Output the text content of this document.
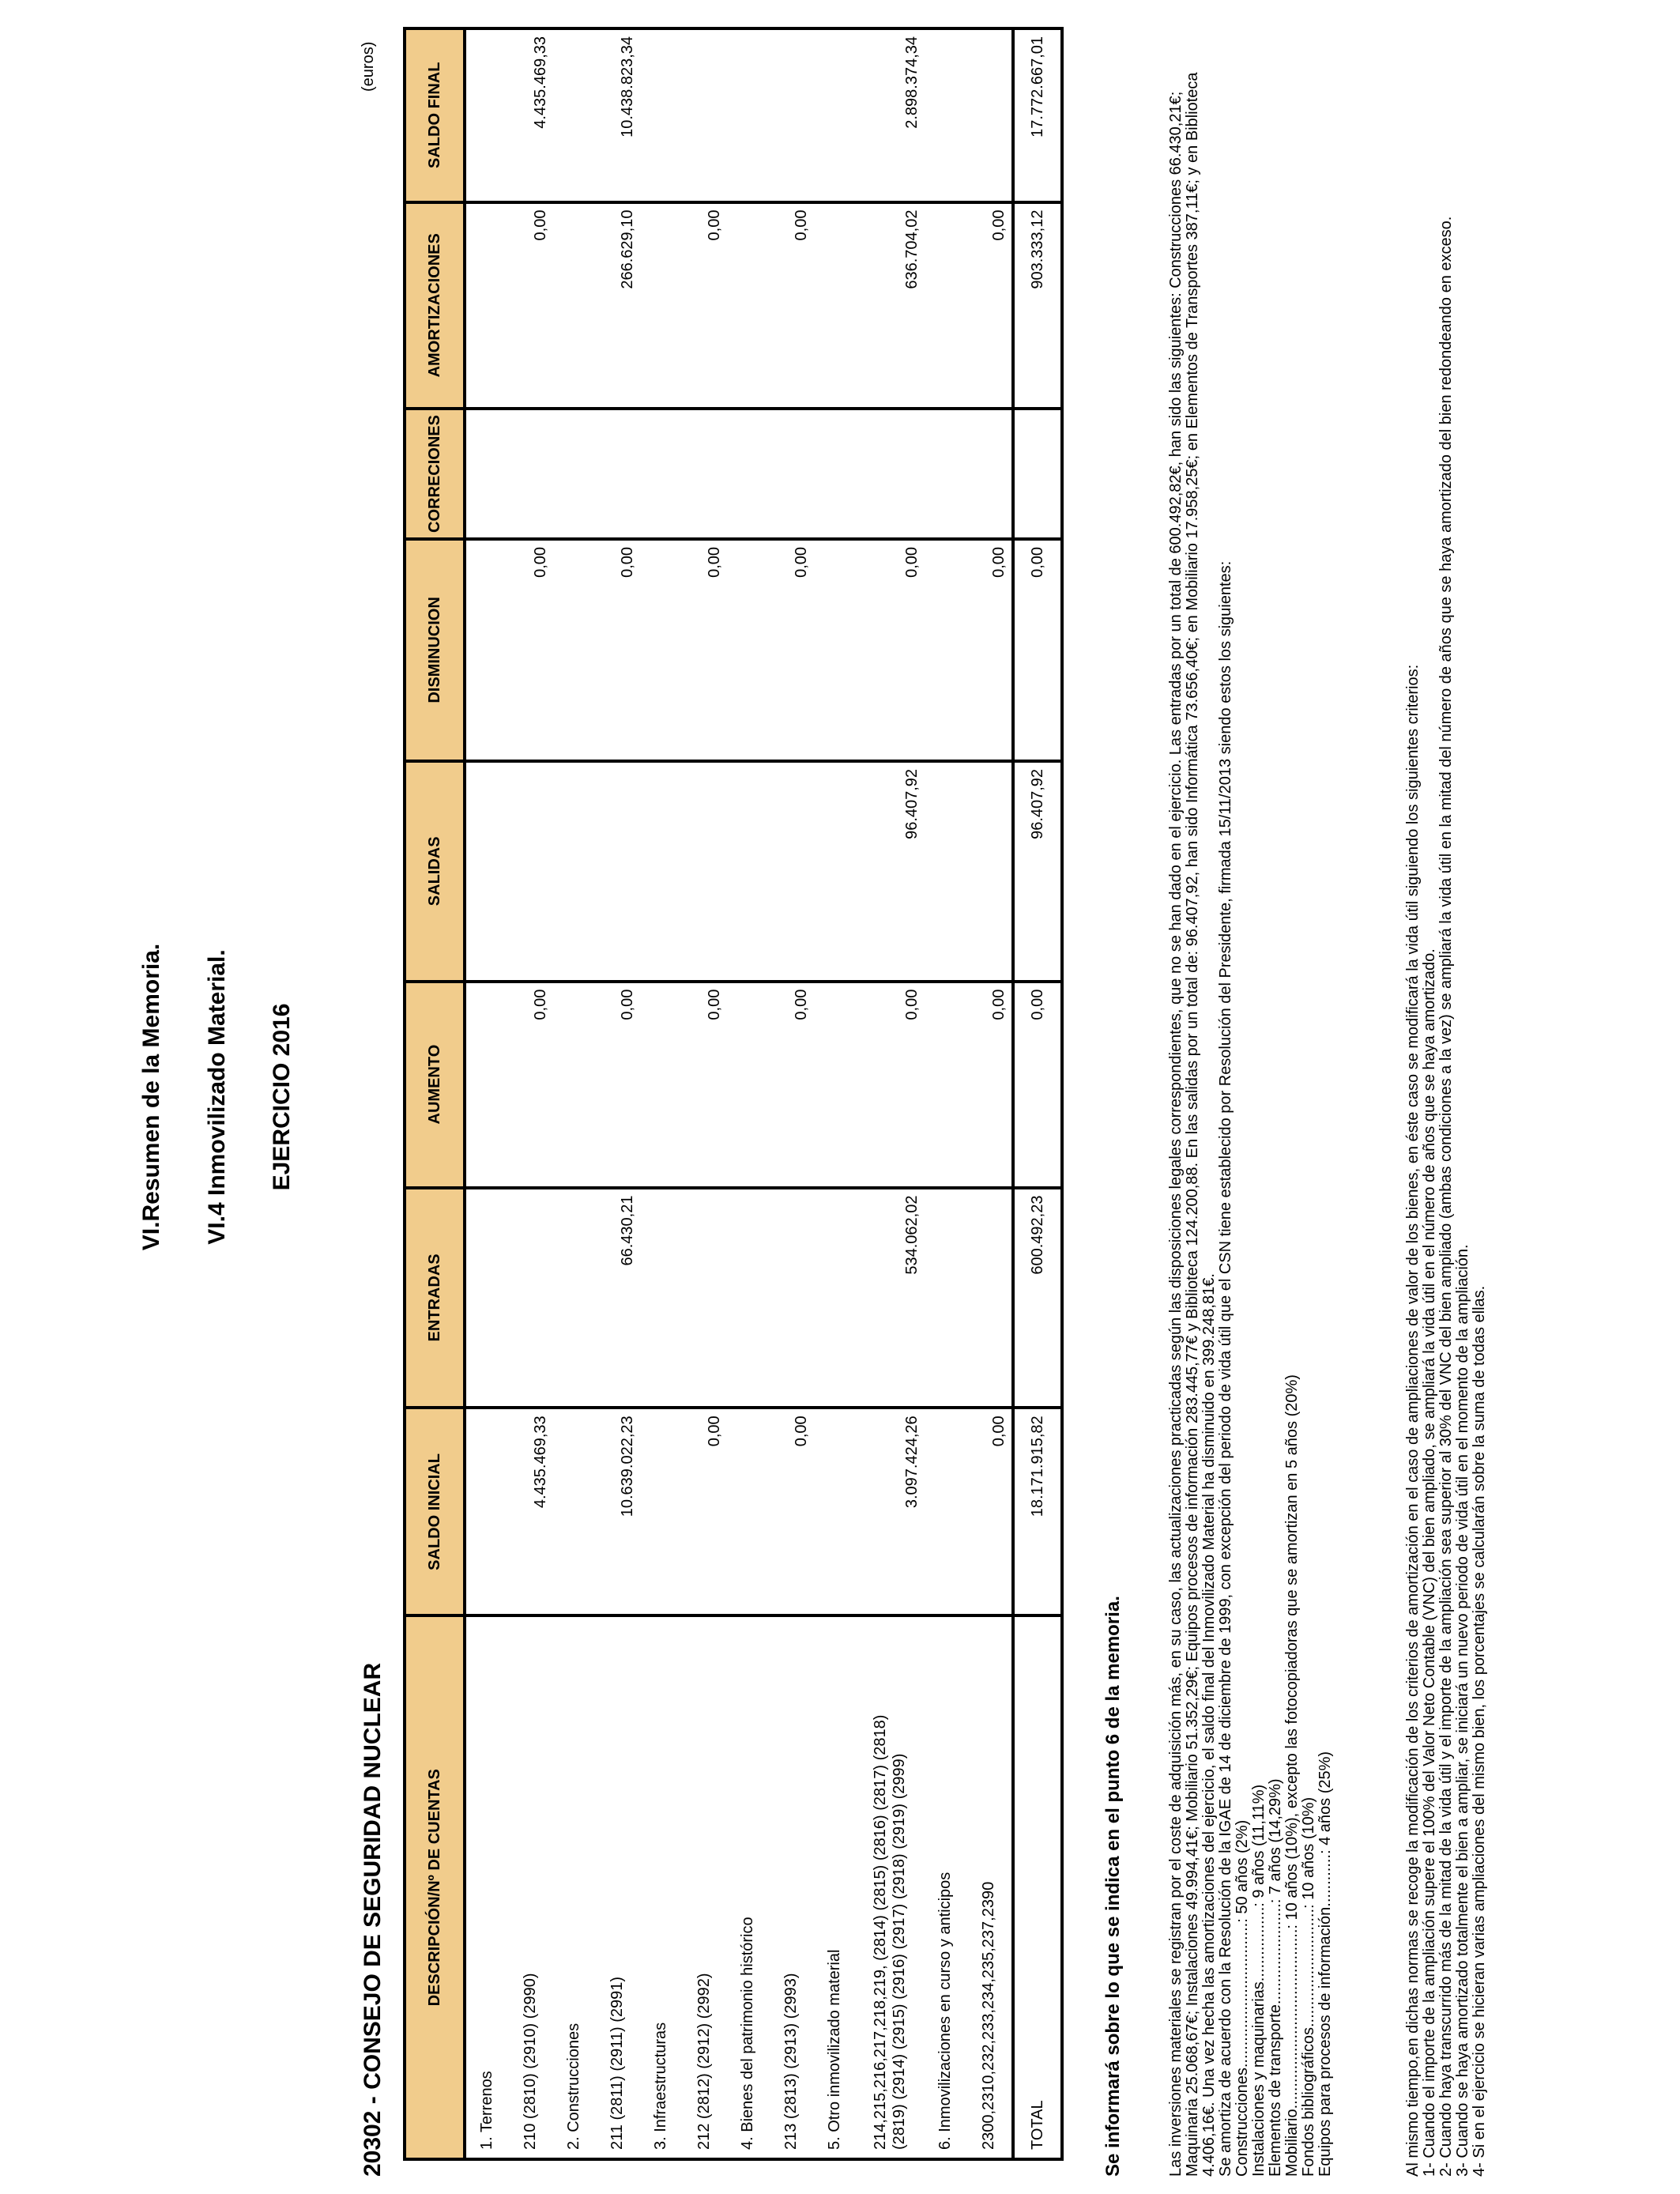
VI.Resumen de la Memoria. VI.4 Inmovilizado Material. EJERCICIO 2016
20302 - CONSEJO DE SEGURIDAD NUCLEAR
(euros)
DESCRIPCIÓN/Nº DE CUENTAS	SALDO INICIAL	ENTRADAS	AUMENTO	SALIDAS	DISMINUCION	CORRECIONES	AMORTIZACIONES	SALDO FINAL

1. Terrenos								

210 (2810) (2910) (2990)	4.435.469,33		0,00		0,00		0,00	4.435.469,33

2. Construcciones								

211 (2811) (2911) (2991)	10.639.022,23	66.430,21	0,00		0,00		266.629,10	10.438.823,34

3. Infraestructuras								

212 (2812) (2912) (2992)	0,00		0,00		0,00		0,00	

4. Bienes del patrimonio histórico								

213 (2813) (2913) (2993)	0,00		0,00		0,00		0,00	

5. Otro inmovilizado material								

214,215,216,217,218,219, (2814) (2815) (2816) (2817) (2818) (2819) (2914) (2915) (2916) (2917) (2918) (2919) (2999)	3.097.424,26	534.062,02	0,00	96.407,92	0,00		636.704,02	2.898.374,34

6. Inmovilizaciones en curso y anticipos								

2300,2310,232,233,234,235,237,2390	0,00		0,00		0,00		0,00	

TOTAL	18.171.915,82	600.492,23	0,00	96.407,92	0,00		903.333,12	17.772.667,01
Se informará sobre lo que se indica en el punto 6 de la memoria.	Las inversiones materiales se registran por el coste de adquisición más, en su caso, las actualizaciones practicadas según las disposiciones legales correspondientes, que no se han dado en el ejercicio. Las entradas por un total de 600.492,82€, han sido las siguientes: Construcciones 66.430,21€; Maquinaria 25.068,67€; Instalaciones 49.994,41€; Mobiliario 51.352,29€; Equipos procesos de información 283.445,77€ y Biblioteca 124.200,88. En las salidas por un total de: 96.407,92, han sido Informática 73.656,40€; en Mobiliario 17.958,25€; en Elementos de Transportes 387,11€; y en Biblioteca 4.406,16€. Una vez hecha las amortizaciones del ejercicio, el saldo final del Inmovilizado Material ha disminuido en 399.248,81€. Se amortiza de acuerdo con la Resolución de la IGAE de 14 de diciembre de 1999, con excepción del periodo de vida útil que el CSN tiene establecido por Resolución del Presidente, firmada 15/11/2013 siendo estos los siguientes: Construcciones.................................: 50 años (2%) Instalaciones y maquinarias.................: 9 años (11,11%) Elementos de transporte.......................: 7 años (14,29%) Mobiliario.........................................: 10 años (10%), excepto las fotocopiadoras que se amortizan en 5 años (20%) Fondos bibliográficos...........................: 10 años (10%) Equipos para procesos de información............: 4 años (25%)	Al mismo tiempo,en dichas normas se recoge la modificación de los criterios de amortización en el caso de ampliaciones de valor de los bienes, en éste caso se modificará la vida útil siguiendo los siguientes criterios: 1- Cuando el importe de la ampliación supere el 100% del Valor Neto Contable (VNC) del bien ampliado, se ampliará la vida útil en el número de años que se haya amortizado. 2- Cuando haya transcurrido más de la mitad de la vida útil y el importe de la ampliación sea superior al 30% del VNC del bien ampliado (ambas condiciones a la vez) se ampliará la vida útil en la mitad del número de años que se haya amortizado del bien redondeando en exceso. 3- Cuando se haya amortizado totalmente el bien a ampliar, se iniciará un nuevo periodo de vida útil en el momento de la ampliación. 4- Si en el ejercicio se hicieran varias ampliaciones del mismo bien, los porcentajes se calcularán sobre la suma de todas ellas.
